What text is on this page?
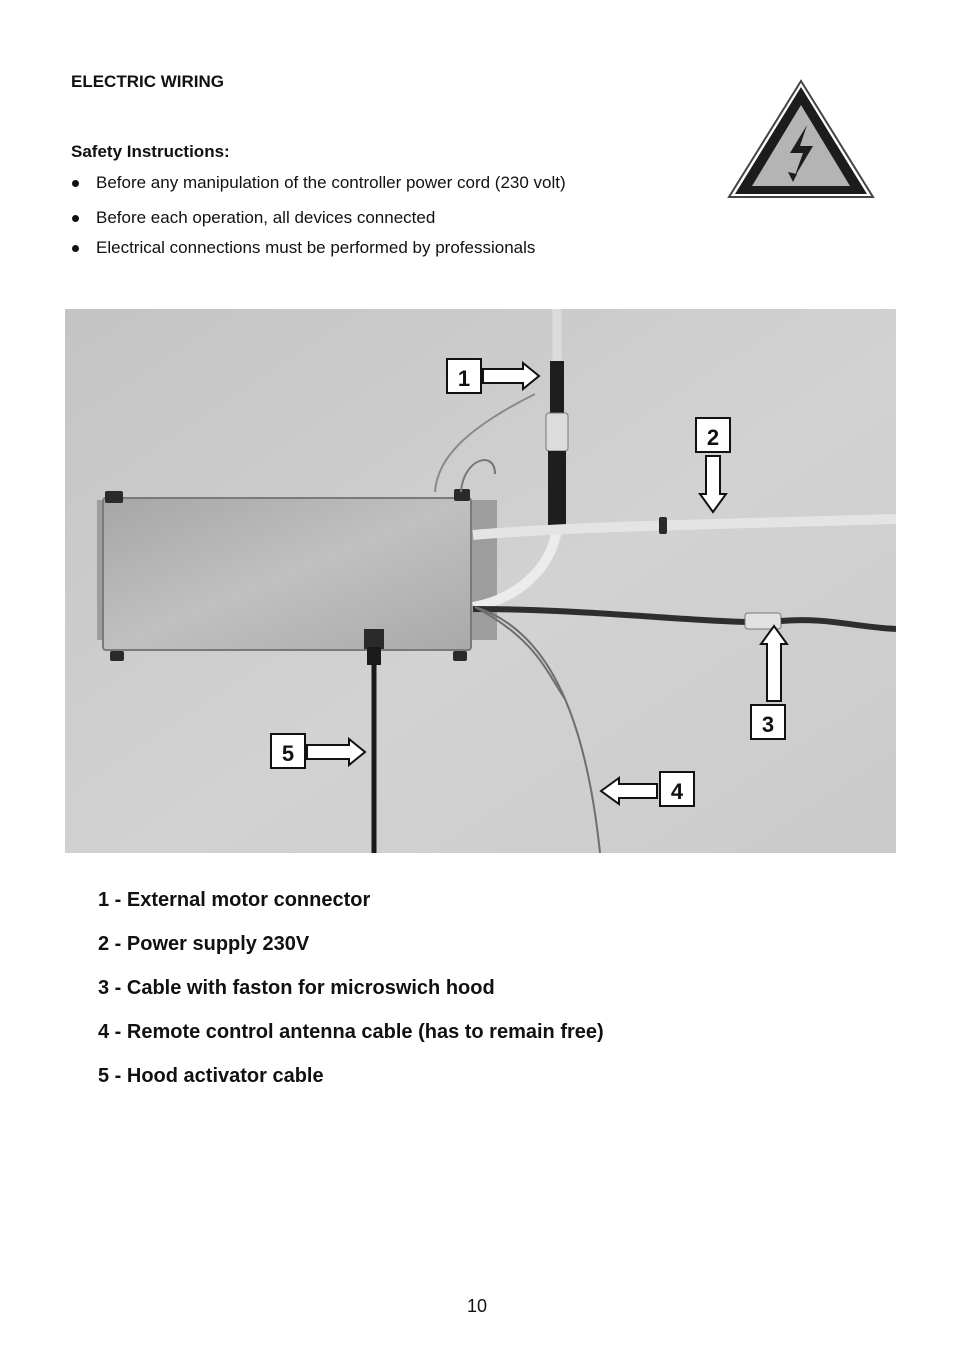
ELECTRIC WIRING
Safety Instructions:
Before any manipulation of the controller power cord (230 volt)
Before each operation, all devices connected
Electrical connections must be performed by professionals
1
2
3
4
5
1 - External motor connector
2 - Power supply 230V
3 - Cable with faston for microswich hood
4 - Remote control antenna cable (has to remain free)
5 - Hood activator cable
10
